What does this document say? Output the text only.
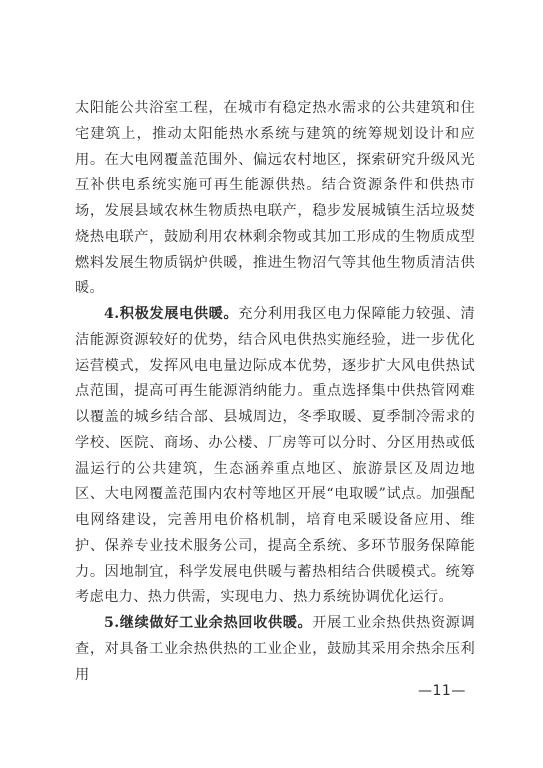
太阳能公共浴室工程，在城市有稳定热水需求的公共建筑和住宅建筑上，推动太阳能热水系统与建筑的统筹规划设计和应用。在大电网覆盖范围外、偏远农村地区，探索研究升级风光互补供电系统实施可再生能源供热。结合资源条件和供热市场，发展县域农林生物质热电联产，稳步发展城镇生活垃圾焚烧热电联产，鼓励利用农林剩余物或其加工形成的生物质成型燃料发展生物质锅炉供暖，推进生物沼气等其他生物质清洁供暖。

4.积极发展电供暖。充分利用我区电力保障能力较强、清洁能源资源较好的优势，结合风电供热实施经验，进一步优化运营模式，发挥风电电量边际成本优势，逐步扩大风电供热试点范围，提高可再生能源消纳能力。重点选择集中供热管网难以覆盖的城乡结合部、县城周边，冬季取暖、夏季制冷需求的学校、医院、商场、办公楼、厂房等可以分时、分区用热或低温运行的公共建筑，生态涵养重点地区、旅游景区及周边地区、大电网覆盖范围内农村等地区开展“电取暖”试点。加强配电网络建设，完善用电价格机制，培育电采暖设备应用、维护、保养专业技术服务公司，提高全系统、多环节服务保障能力。因地制宜，科学发展电供暖与蓄热相结合供暖模式。统筹考虑电力、热力供需，实现电力、热力系统协调优化运行。

5.继续做好工业余热回收供暖。开展工业余热供热资源调查，对具备工业余热供热的工业企业，鼓励其采用余热余压利用

—11—
